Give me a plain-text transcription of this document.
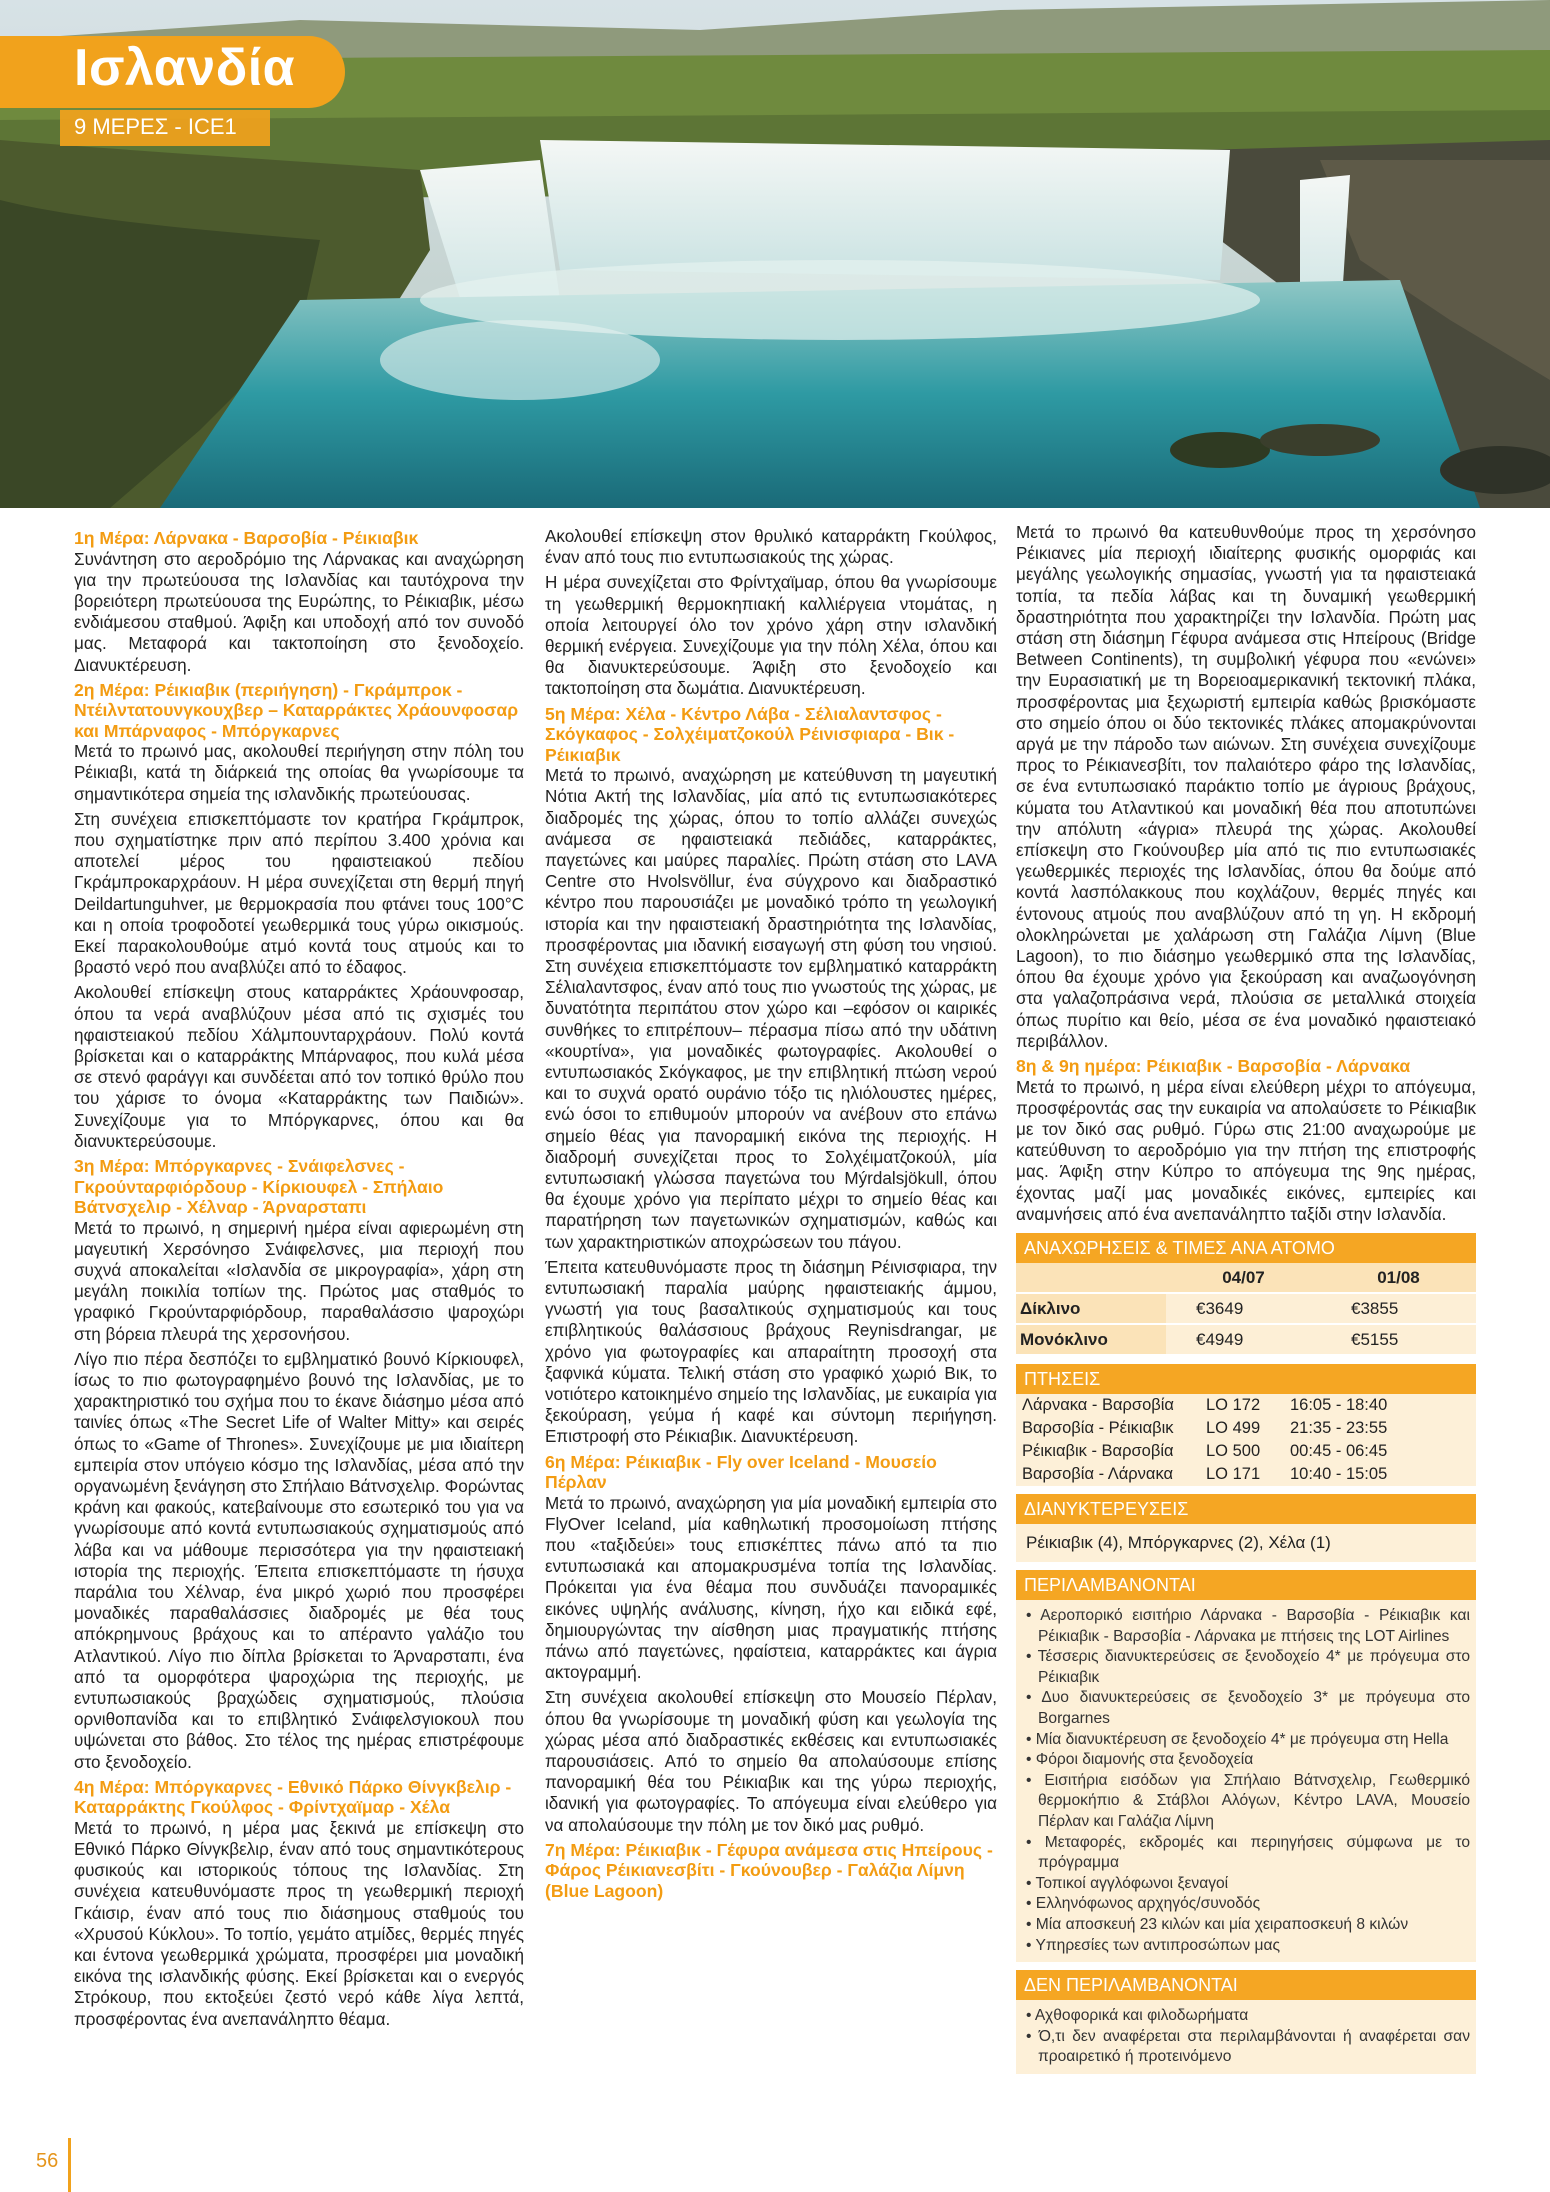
Ισλανδία
9 ΜΕΡΕΣ - ICE1
1η Μέρα: Λάρνακα - Βαρσοβία - Ρέικιαβικ

Συνάντηση στο αεροδρόμιο της Λάρνακας και αναχώρηση για την πρωτεύουσα της Ισλανδίας και ταυτόχρονα την βορειότερη πρωτεύουσα της Ευρώπης, το Ρέικιαβικ, μέσω ενδιάμεσου σταθμού. Άφιξη και υποδοχή από τον συνοδό μας. Μεταφορά και τακτοποίηση στο ξενοδοχείο. Διανυκτέρευση.

2η Μέρα: Ρέικιαβικ (περιήγηση) - Γκράμπροκ - Ντέιλντατουνγκουχβερ – Καταρράκτες Χράουνφοσαρ και Μπάρναφος - Μπόργκαρνες

Μετά το πρωινό μας, ακολουθεί περιήγηση στην πόλη του Ρέικιαβι, κατά τη διάρκειά της οποίας θα γνωρίσουμε τα σημαντικότερα σημεία της ισλανδικής πρωτεύουσας.

Στη συνέχεια επισκεπτόμαστε τον κρατήρα Γκράμπροκ, που σχηματίστηκε πριν από περίπου 3.400 χρόνια και αποτελεί μέρος του ηφαιστειακού πεδίου Γκράμπροκαρχράουν. Η μέρα συνεχίζεται στη θερμή πηγή Deildartunguhver, με θερμοκρασία που φτάνει τους 100°C και η οποία τροφοδοτεί γεωθερμικά τους γύρω οικισμούς. Εκεί παρακολουθούμε ατμό κοντά τους ατμούς και το βραστό νερό που αναβλύζει από το έδαφος.

Ακολουθεί επίσκεψη στους καταρράκτες Χράουνφοσαρ, όπου τα νερά αναβλύζουν μέσα από τις σχισμές του ηφαιστειακού πεδίου Χάλμπουνταρχράουν. Πολύ κοντά βρίσκεται και ο καταρράκτης Μπάρναφος, που κυλά μέσα σε στενό φαράγγι και συνδέεται από τον τοπικό θρύλο που του χάρισε το όνομα «Καταρράκτης των Παιδιών». Συνεχίζουμε για το Μπόργκαρνες, όπου και θα διανυκτερεύσουμε.

3η Μέρα: Μπόργκαρνες - Σνάιφελσνες - Γκρούνταρφιόρδουρ - Κίρκιουφελ - Σπήλαιο Βάτνσχελιρ - Χέλναρ - Άρναρσταπι

Μετά το πρωινό, η σημερινή ημέρα είναι αφιερωμένη στη μαγευτική Χερσόνησο Σνάιφελσνες, μια περιοχή που συχνά αποκαλείται «Ισλανδία σε μικρογραφία», χάρη στη μεγάλη ποικιλία τοπίων της. Πρώτος μας σταθμός το γραφικό Γκρούνταρφιόρδουρ, παραθαλάσσιο ψαροχώρι στη βόρεια πλευρά της χερσονήσου.

Λίγο πιο πέρα δεσπόζει το εμβληματικό βουνό Κίρκιουφελ, ίσως το πιο φωτογραφημένο βουνό της Ισλανδίας, με το χαρακτηριστικό του σχήμα που το έκανε διάσημο μέσα από ταινίες όπως «The Secret Life of Walter Mitty» και σειρές όπως το «Game of Thrones». Συνεχίζουμε με μια ιδιαίτερη εμπειρία στον υπόγειο κόσμο της Ισλανδίας, μέσα από την οργανωμένη ξενάγηση στο Σπήλαιο Βάτνσχελιρ. Φορώντας κράνη και φακούς, κατεβαίνουμε στο εσωτερικό του για να γνωρίσουμε από κοντά εντυπωσιακούς σχηματισμούς από λάβα και να μάθουμε περισσότερα για την ηφαιστειακή ιστορία της περιοχής. Έπειτα επισκεπτόμαστε τη ήσυχα παράλια του Χέλναρ, ένα μικρό χωριό που προσφέρει μοναδικές παραθαλάσσιες διαδρομές με θέα τους απόκρημνους βράχους και το απέραντο γαλάζιο του Ατλαντικού. Λίγο πιο δίπλα βρίσκεται το Άρναρσταπι, ένα από τα ομορφότερα ψαροχώρια της περιοχής, με εντυπωσιακούς βραχώδεις σχηματισμούς, πλούσια ορνιθοπανίδα και το επιβλητικό Σνάιφελσγιοκουλ που υψώνεται στο βάθος. Στο τέλος της ημέρας επιστρέφουμε στο ξενοδοχείο.

4η Μέρα: Μπόργκαρνες - Εθνικό Πάρκο Θίνγκβελιρ - Καταρράκτης Γκούλφος - Φρίντχαϊμαρ - Χέλα

Μετά το πρωινό, η μέρα μας ξεκινά με επίσκεψη στο Εθνικό Πάρκο Θίνγκβελιρ, έναν από τους σημαντικότερους φυσικούς και ιστορικούς τόπους της Ισλανδίας. Στη συνέχεια κατευθυνόμαστε προς τη γεωθερμική περιοχή Γκάισιρ, έναν από τους πιο διάσημους σταθμούς του «Χρυσού Κύκλου». Το τοπίο, γεμάτο ατμίδες, θερμές πηγές και έντονα γεωθερμικά χρώματα, προσφέρει μια μοναδική εικόνα της ισλανδικής φύσης. Εκεί βρίσκεται και ο ενεργός Στρόκουρ, που εκτοξεύει ζεστό νερό κάθε λίγα λεπτά, προσφέροντας ένα ανεπανάληπτο θέαμα.

Ακολουθεί επίσκεψη στον θρυλικό καταρράκτη Γκούλφος, έναν από τους πιο εντυπωσιακούς της χώρας.

Η μέρα συνεχίζεται στο Φρίντχαϊμαρ, όπου θα γνωρίσουμε τη γεωθερμική θερμοκηπιακή καλλιέργεια ντομάτας, η οποία λειτουργεί όλο τον χρόνο χάρη στην ισλανδική θερμική ενέργεια. Συνεχίζουμε για την πόλη Χέλα, όπου και θα διανυκτερεύσουμε. Άφιξη στο ξενοδοχείο και τακτοποίηση στα δωμάτια. Διανυκτέρευση.

5η Μέρα: Χέλα - Κέντρο Λάβα - Σέλιαλαντσφος - Σκόγκαφος - Σολχέιματζοκούλ Ρέινισφιαρα - Βικ - Ρέικιαβικ

Μετά το πρωινό, αναχώρηση με κατεύθυνση τη μαγευτική Νότια Ακτή της Ισλανδίας, μία από τις εντυπωσιακότερες διαδρομές της χώρας, όπου το τοπίο αλλάζει συνεχώς ανάμεσα σε ηφαιστειακά πεδιάδες, καταρράκτες, παγετώνες και μαύρες παραλίες. Πρώτη στάση στο LAVA Centre στο Hvolsvöllur, ένα σύγχρονο και διαδραστικό κέντρο που παρουσιάζει με μοναδικό τρόπο τη γεωλογική ιστορία και την ηφαιστειακή δραστηριότητα της Ισλανδίας, προσφέροντας μια ιδανική εισαγωγή στη φύση του νησιού. Στη συνέχεια επισκεπτόμαστε τον εμβληματικό καταρράκτη Σέλιαλαντσφος, έναν από τους πιο γνωστούς της χώρας, με δυνατότητα περιπάτου στον χώρο και –εφόσον οι καιρικές συνθήκες το επιτρέπουν– πέρασμα πίσω από την υδάτινη «κουρτίνα», για μοναδικές φωτογραφίες. Ακολουθεί ο εντυπωσιακός Σκόγκαφος, με την επιβλητική πτώση νερού και το συχνά ορατό ουράνιο τόξο τις ηλιόλουστες ημέρες, ενώ όσοι το επιθυμούν μπορούν να ανέβουν στο επάνω σημείο θέας για πανοραμική εικόνα της περιοχής. Η διαδρομή συνεχίζεται προς το Σολχέιματζοκούλ, μία εντυπωσιακή γλώσσα παγετώνα του Mýrdalsjökull, όπου θα έχουμε χρόνο για περίπατο μέχρι το σημείο θέας και παρατήρηση των παγετωνικών σχηματισμών, καθώς και των χαρακτηριστικών αποχρώσεων του πάγου.

Έπειτα κατευθυνόμαστε προς τη διάσημη Ρέινισφιαρα, την εντυπωσιακή παραλία μαύρης ηφαιστειακής άμμου, γνωστή για τους βασαλτικούς σχηματισμούς και τους επιβλητικούς θαλάσσιους βράχους Reynisdrangar, με χρόνο για φωτογραφίες και απαραίτητη προσοχή στα ξαφνικά κύματα. Τελική στάση στο γραφικό χωριό Βικ, το νοτιότερο κατοικημένο σημείο της Ισλανδίας, με ευκαιρία για ξεκούραση, γεύμα ή καφέ και σύντομη περιήγηση. Επιστροφή στο Ρέικιαβικ. Διανυκτέρευση.

6η Μέρα: Ρέικιαβικ - Fly over Iceland - Μουσείο Πέρλαν

Μετά το πρωινό, αναχώρηση για μία μοναδική εμπειρία στο FlyOver Iceland, μία καθηλωτική προσομοίωση πτήσης που «ταξιδεύει» τους επισκέπτες πάνω από τα πιο εντυπωσιακά και απομακρυσμένα τοπία της Ισλανδίας. Πρόκειται για ένα θέαμα που συνδυάζει πανοραμικές εικόνες υψηλής ανάλυσης, κίνηση, ήχο και ειδικά εφέ, δημιουργώντας την αίσθηση μιας πραγματικής πτήσης πάνω από παγετώνες, ηφαίστεια, καταρράκτες και άγρια ακτογραμμή.

Στη συνέχεια ακολουθεί επίσκεψη στο Μουσείο Πέρλαν, όπου θα γνωρίσουμε τη μοναδική φύση και γεωλογία της χώρας μέσα από διαδραστικές εκθέσεις και εντυπωσιακές παρουσιάσεις. Από το σημείο θα απολαύσουμε επίσης πανοραμική θέα του Ρέικιαβικ και της γύρω περιοχής, ιδανική για φωτογραφίες. Το απόγευμα είναι ελεύθερο για να απολαύσουμε την πόλη με τον δικό μας ρυθμό.

7η Μέρα: Ρέικιαβικ - Γέφυρα ανάμεσα στις Ηπείρους - Φάρος Ρέικιανεσβίτι - Γκούνουβερ - Γαλάζια Λίμνη (Blue Lagoon)

Μετά το πρωινό θα κατευθυνθούμε προς τη χερσόνησο Ρέικιανες μία περιοχή ιδιαίτερης φυσικής ομορφιάς και μεγάλης γεωλογικής σημασίας, γνωστή για τα ηφαιστειακά τοπία, τα πεδία λάβας και τη δυναμική γεωθερμική δραστηριότητα που χαρακτηρίζει την Ισλανδία. Πρώτη μας στάση στη διάσημη Γέφυρα ανάμεσα στις Ηπείρους (Bridge Between Continents), τη συμβολική γέφυρα που «ενώνει» την Ευρασιατική με τη Βορειοαμερικανική τεκτονική πλάκα, προσφέροντας μια ξεχωριστή εμπειρία καθώς βρισκόμαστε στο σημείο όπου οι δύο τεκτονικές πλάκες απομακρύνονται αργά με την πάροδο των αιώνων. Στη συνέχεια συνεχίζουμε προς το Ρέικιανεσβίτι, τον παλαιότερο φάρο της Ισλανδίας, σε ένα εντυπωσιακό παράκτιο τοπίο με άγριους βράχους, κύματα του Ατλαντικού και μοναδική θέα που αποτυπώνει την απόλυτη «άγρια» πλευρά της χώρας. Ακολουθεί επίσκεψη στο Γκούνουβερ μία από τις πιο εντυπωσιακές γεωθερμικές περιοχές της Ισλανδίας, όπου θα δούμε από κοντά λασπόλακκους που κοχλάζουν, θερμές πηγές και έντονους ατμούς που αναβλύζουν από τη γη. Η εκδρομή ολοκληρώνεται με χαλάρωση στη Γαλάζια Λίμνη (Blue Lagoon), το πιο διάσημο γεωθερμικό σπα της Ισλανδίας, όπου θα έχουμε χρόνο για ξεκούραση και αναζωογόνηση στα γαλαζοπράσινα νερά, πλούσια σε μεταλλικά στοιχεία όπως πυρίτιο και θείο, μέσα σε ένα μοναδικό ηφαιστειακό περιβάλλον.

8η & 9η ημέρα: Ρέικιαβικ - Βαρσοβία - Λάρνακα

Μετά το πρωινό, η μέρα είναι ελεύθερη μέχρι το απόγευμα, προσφέροντάς σας την ευκαιρία να απολαύσετε το Ρέικιαβικ με τον δικό σας ρυθμό. Γύρω στις 21:00 αναχωρούμε με κατεύθυνση το αεροδρόμιο για την πτήση της επιστροφής μας. Άφιξη στην Κύπρο το απόγευμα της 9ης ημέρας, έχοντας μαζί μας μοναδικές εικόνες, εμπειρίες και αναμνήσεις από ένα ανεπανάληπτο ταξίδι στην Ισλανδία.

ΑΝΑΧΩΡΗΣΕΙΣ & ΤΙΜΕΣ ΑΝΑ ΑΤΟΜΟ
	04/07	01/08
Δίκλινο	€3649	€3855
Μονόκλινο	€4949	€5155
ΠΤΗΣΕΙΣ
Λάρνακα - Βαρσοβία	LO 172	16:05 - 18:40
Βαρσοβία - Ρέικιαβικ	LO 499	21:35 - 23:55
Ρέικιαβικ - Βαρσοβία	LO 500	00:45 - 06:45
Βαρσοβία - Λάρνακα	LO 171	10:40 - 15:05
ΔΙΑΝΥΚΤΕΡΕΥΣΕΙΣ
Ρέικιαβικ (4), Μπόργκαρνες (2), Χέλα (1)
ΠΕΡΙΛΑΜΒΑΝΟΝΤΑΙ
• Αεροπορικό εισιτήριο Λάρνακα - Βαρσοβία - Ρέικιαβικ και Ρέικιαβικ - Βαρσοβία - Λάρνακα με πτήσεις της LOT Airlines
• Τέσσερις διανυκτερεύσεις σε ξενοδοχείο 4* με πρόγευμα στο Ρέικιαβικ
• Δυο διανυκτερεύσεις σε ξενοδοχείο 3* με πρόγευμα στο Borgarnes
• Μία διανυκτέρευση σε ξενοδοχείο 4* με πρόγευμα στη Hella
• Φόροι διαμονής στα ξενοδοχεία
• Εισιτήρια εισόδων για Σπήλαιο Βάτνσχελιρ, Γεωθερμικό θερμοκήπιο & Στάβλοι Αλόγων, Κέντρο LAVA, Μουσείο Πέρλαν και Γαλάζια Λίμνη
• Μεταφορές, εκδρομές και περιηγήσεις σύμφωνα με το πρόγραμμα
• Τοπικοί αγγλόφωνοι ξεναγοί
• Ελληνόφωνος αρχηγός/συνοδός
• Μία αποσκευή 23 κιλών και μία χειραποσκευή 8 κιλών
• Υπηρεσίες των αντιπροσώπων μας
ΔΕΝ ΠΕΡΙΛΑΜΒΑΝΟΝΤΑΙ
• Αχθοφορικά και φιλοδωρήματα
• Ό,τι δεν αναφέρεται στα περιλαμβάνονται ή αναφέρεται σαν προαιρετικό ή προτεινόμενο
56
